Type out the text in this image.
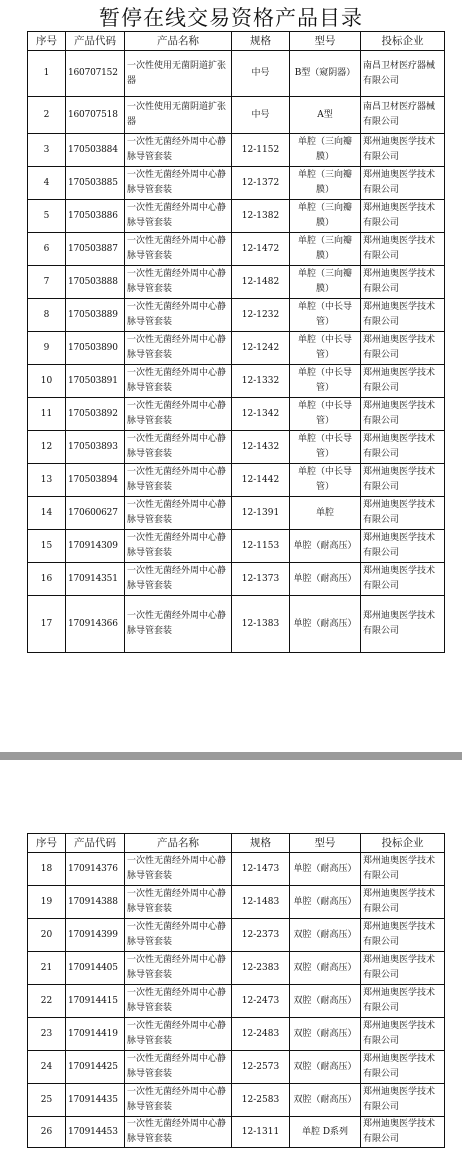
暂停在线交易资格产品目录
序号	产品代码	产品名称	规格	型号	投标企业
1	160707152	一次性使用无菌阴道扩张器	中号	B型（窥阴器）	南昌卫材医疗器械有限公司
2	160707518	一次性使用无菌阴道扩张器	中号	A型	南昌卫材医疗器械有限公司
3	170503884	一次性无菌经外周中心静脉导管套装	12-1152	单腔（三向瓣膜）	郑州迪奥医学技术有限公司
4	170503885	一次性无菌经外周中心静脉导管套装	12-1372	单腔（三向瓣膜）	郑州迪奥医学技术有限公司
5	170503886	一次性无菌经外周中心静脉导管套装	12-1382	单腔（三向瓣膜）	郑州迪奥医学技术有限公司
6	170503887	一次性无菌经外周中心静脉导管套装	12-1472	单腔（三向瓣膜）	郑州迪奥医学技术有限公司
7	170503888	一次性无菌经外周中心静脉导管套装	12-1482	单腔（三向瓣膜）	郑州迪奥医学技术有限公司
8	170503889	一次性无菌经外周中心静脉导管套装	12-1232	单腔（中长导管）	郑州迪奥医学技术有限公司
9	170503890	一次性无菌经外周中心静脉导管套装	12-1242	单腔（中长导管）	郑州迪奥医学技术有限公司
10	170503891	一次性无菌经外周中心静脉导管套装	12-1332	单腔（中长导管）	郑州迪奥医学技术有限公司
11	170503892	一次性无菌经外周中心静脉导管套装	12-1342	单腔（中长导管）	郑州迪奥医学技术有限公司
12	170503893	一次性无菌经外周中心静脉导管套装	12-1432	单腔（中长导管）	郑州迪奥医学技术有限公司
13	170503894	一次性无菌经外周中心静脉导管套装	12-1442	单腔（中长导管）	郑州迪奥医学技术有限公司
14	170600627	一次性无菌经外周中心静脉导管套装	12-1391	单腔	郑州迪奥医学技术有限公司
15	170914309	一次性无菌经外周中心静脉导管套装	12-1153	单腔（耐高压）	郑州迪奥医学技术有限公司
16	170914351	一次性无菌经外周中心静脉导管套装	12-1373	单腔（耐高压）	郑州迪奥医学技术有限公司
17	170914366	一次性无菌经外周中心静脉导管套装	12-1383	单腔（耐高压）	郑州迪奥医学技术有限公司
序号	产品代码	产品名称	规格	型号	投标企业
18	170914376	一次性无菌经外周中心静脉导管套装	12-1473	单腔（耐高压）	郑州迪奥医学技术有限公司
19	170914388	一次性无菌经外周中心静脉导管套装	12-1483	单腔（耐高压）	郑州迪奥医学技术有限公司
20	170914399	一次性无菌经外周中心静脉导管套装	12-2373	双腔（耐高压）	郑州迪奥医学技术有限公司
21	170914405	一次性无菌经外周中心静脉导管套装	12-2383	双腔（耐高压）	郑州迪奥医学技术有限公司
22	170914415	一次性无菌经外周中心静脉导管套装	12-2473	双腔（耐高压）	郑州迪奥医学技术有限公司
23	170914419	一次性无菌经外周中心静脉导管套装	12-2483	双腔（耐高压）	郑州迪奥医学技术有限公司
24	170914425	一次性无菌经外周中心静脉导管套装	12-2573	双腔（耐高压）	郑州迪奥医学技术有限公司
25	170914435	一次性无菌经外周中心静脉导管套装	12-2583	双腔（耐高压）	郑州迪奥医学技术有限公司
26	170914453	一次性无菌经外周中心静脉导管套装	12-1311	单腔 D系列	郑州迪奥医学技术有限公司
